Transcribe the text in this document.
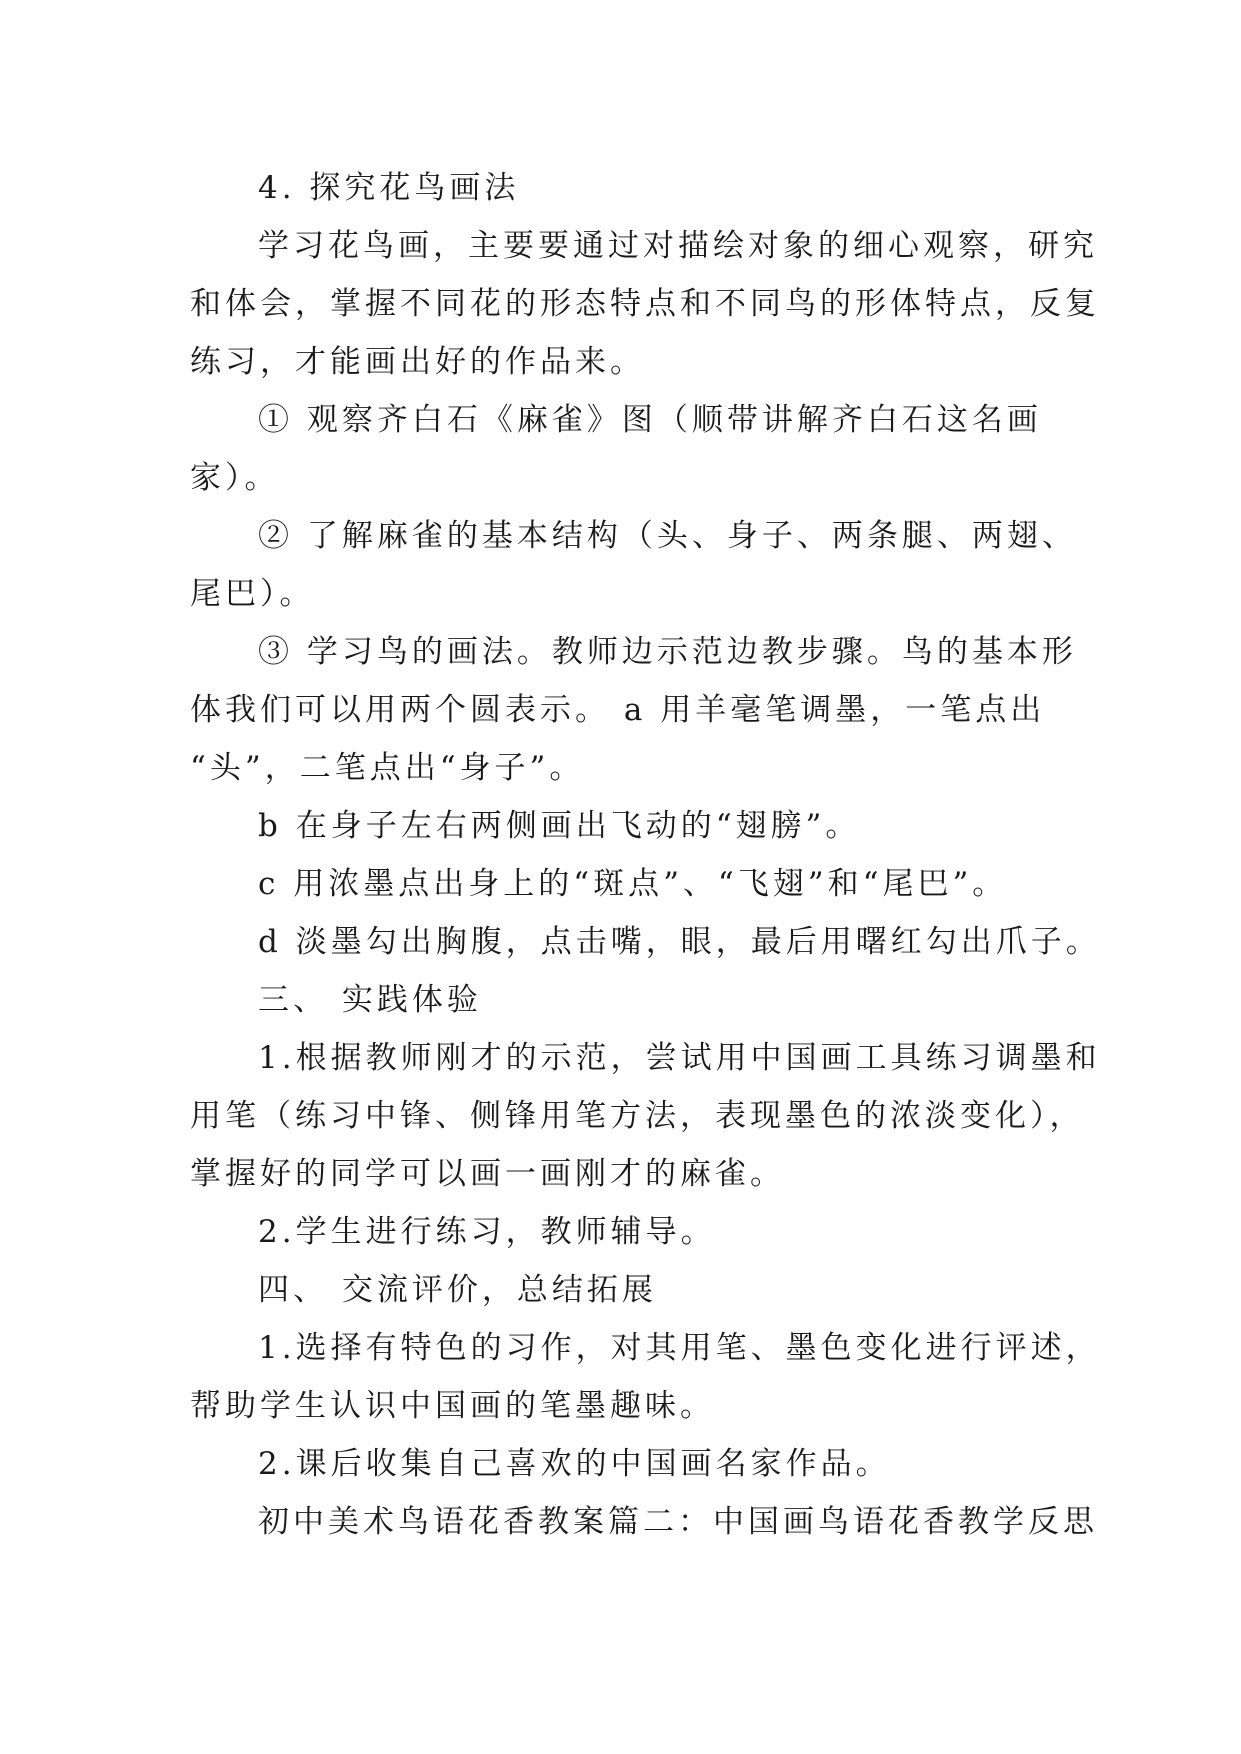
4. 探究花鸟画法
学习花鸟画，主要要通过对描绘对象的细心观察，研究
和体会，掌握不同花的形态特点和不同鸟的形体特点，反复
练习，才能画出好的作品来。
① 观察齐白石《麻雀》图（顺带讲解齐白石这名画
家）。
② 了解麻雀的基本结构（头、身子、两条腿、两翅、
尾巴）。
③ 学习鸟的画法。教师边示范边教步骤。鸟的基本形
体我们可以用两个圆表示。 a 用羊毫笔调墨，一笔点出
“头”，二笔点出“身子”。
b 在身子左右两侧画出飞动的“翅膀”。
c 用浓墨点出身上的“斑点”、“飞翅”和“尾巴”。
d 淡墨勾出胸腹，点击嘴，眼，最后用曙红勾出爪子。
三、 实践体验
1.根据教师刚才的示范，尝试用中国画工具练习调墨和
用笔（练习中锋、侧锋用笔方法，表现墨色的浓淡变化），
掌握好的同学可以画一画刚才的麻雀。
2.学生进行练习，教师辅导。
四、 交流评价，总结拓展
1.选择有特色的习作，对其用笔、墨色变化进行评述，
帮助学生认识中国画的笔墨趣味。
2.课后收集自己喜欢的中国画名家作品。
初中美术鸟语花香教案篇二：中国画鸟语花香教学反思
